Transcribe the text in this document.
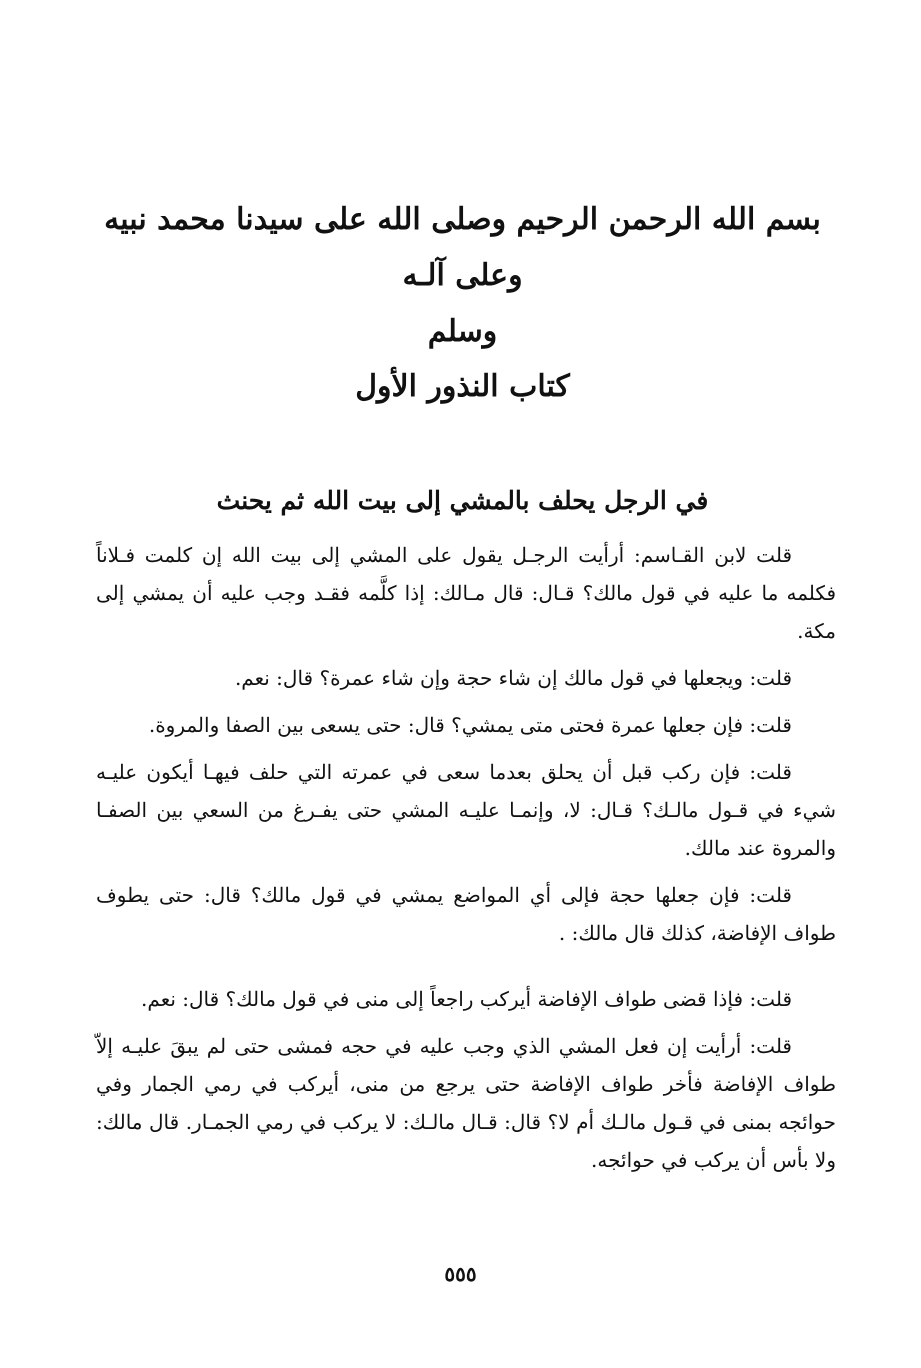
بسم الله الرحمن الرحيم وصلى الله على سيدنا محمد نبيه وعلى آلـه
وسلم
كتاب النذور الأول
في الرجل يحلف بالمشي إلى بيت الله ثم يحنث

قلت لابن القـاسم: أرأيت الرجـل يقول على المشي إلى بيت الله إن كلمت فـلاناً فكلمه ما عليه في قول مالك؟ قـال: قال مـالك: إذا كلَّمه فقـد وجب عليه أن يمشي إلى مكة.

قلت: ويجعلها في قول مالك إن شاء حجة وإن شاء عمرة؟ قال: نعم.

قلت: فإن جعلها عمرة فحتى متى يمشي؟ قال: حتى يسعى بين الصفا والمروة.

قلت: فإن ركب قبل أن يحلق بعدما سعى في عمرته التي حلف فيهـا أيكون عليـه شيء في قـول مالـك؟ قـال: لا، وإنمـا عليـه المشي حتى يفـرغ من السعي بين الصفـا والمروة عند مالك.

قلت: فإن جعلها حجة فإلى أي المواضع يمشي في قول مالك؟ قال: حتى يطوف طواف الإفاضة، كذلك قال مالك: .

قلت: فإذا قضى طواف الإفاضة أيركب راجعاً إلى منى في قول مالك؟ قال: نعم.

قلت: أرأيت إن فعل المشي الذي وجب عليه في حجه فمشى حتى لم يبقَ عليـه إلاّ طواف الإفاضة فأخر طواف الإفاضة حتى يرجع من منى، أيركب في رمي الجمار وفي حوائجه بمنى في قـول مالـك أم لا؟ قال: قـال مالـك: لا يركب في رمي الجمـار. قال مالك: ولا بأس أن يركب في حوائجه.

٥٥٥
